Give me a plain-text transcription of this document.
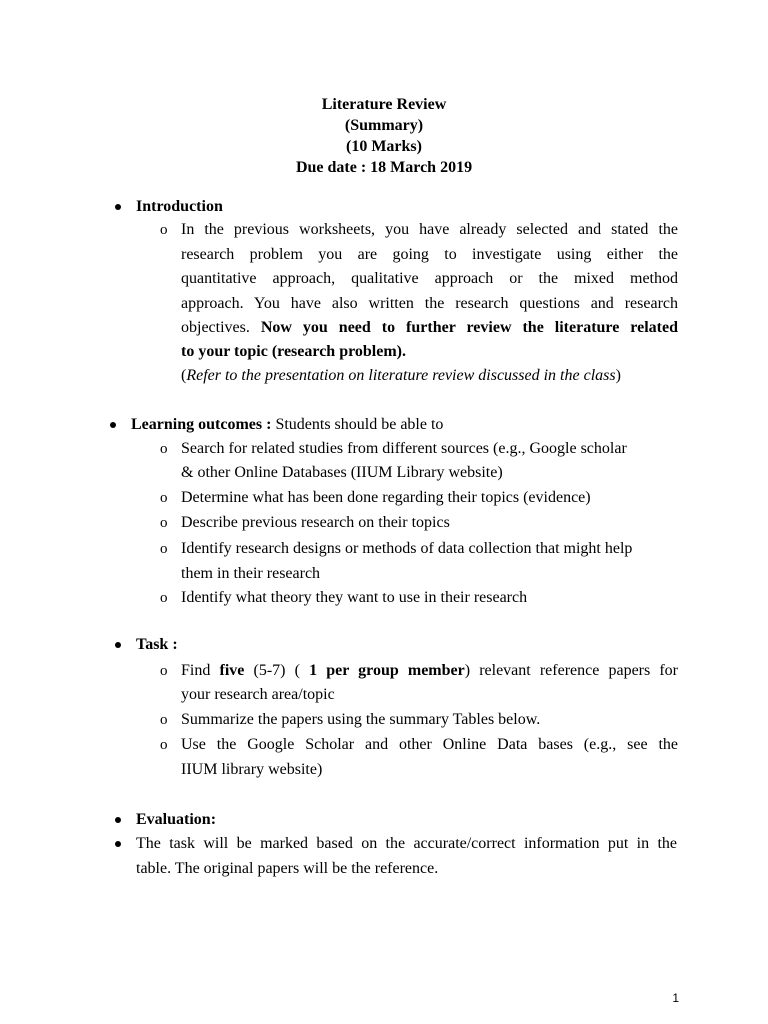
Literature Review
(Summary)
(10 Marks)
Due date : 18 March 2019
Introduction
o In the previous worksheets, you have already selected and stated the
research problem you are going to investigate using either the
quantitative approach, qualitative approach or the mixed method
approach. You have also written the research questions and research
objectives. Now you need to further review the literature related
to your topic (research problem).
(Refer to the presentation on literature review discussed in the class)
Learning outcomes : Students should be able to
o Search for related studies from different sources (e.g., Google scholar
& other Online Databases (IIUM Library website)
o Determine what has been done regarding their topics (evidence)
o Describe previous research on their topics
o Identify research designs or methods of data collection that might help
them in their research
o Identify what theory they want to use in their research
Task :
o Find five (5-7) ( 1 per group member) relevant reference papers for
your research area/topic
o Summarize the papers using the summary Tables below.
o Use the Google Scholar and other Online Data bases (e.g., see the
IIUM library website)
Evaluation:
The task will be marked based on the accurate/correct information put in the
table. The original papers will be the reference.
1
